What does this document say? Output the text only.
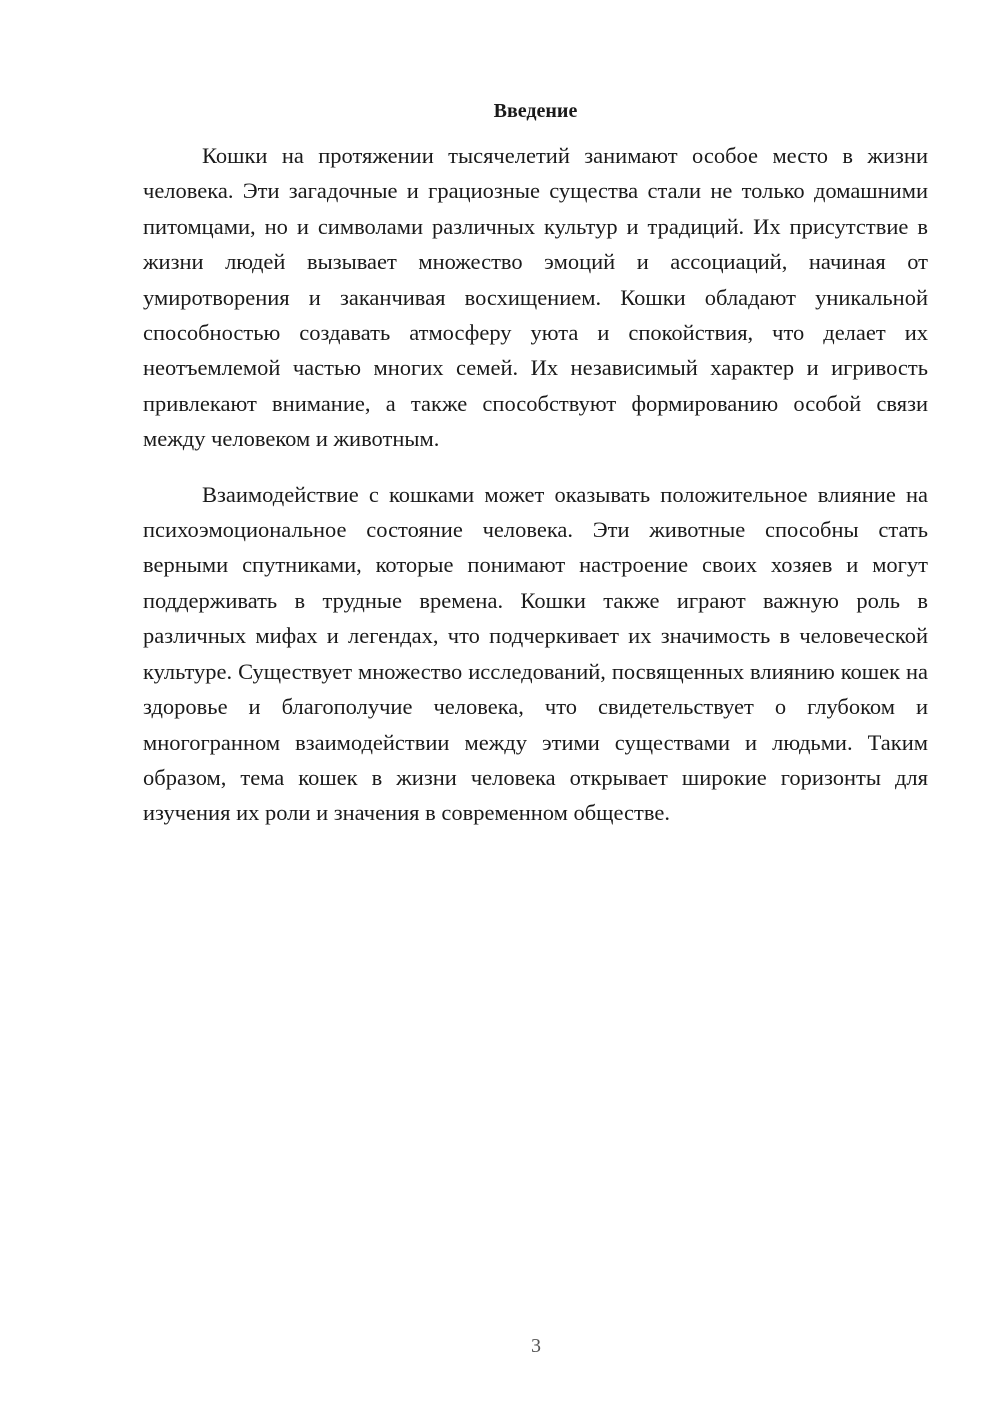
Введение

Кошки на протяжении тысячелетий занимают особое место в жизни человека. Эти загадочные и грациозные существа стали не только домашними питомцами, но и символами различных культур и традиций. Их присутствие в жизни людей вызывает множество эмоций и ассоциаций, начиная от умиротворения и заканчивая восхищением. Кошки обладают уникальной способностью создавать атмосферу уюта и спокойствия, что делает их неотъемлемой частью многих семей. Их независимый характер и игривость привлекают внимание, а также способствуют формированию особой связи между человеком и животным.

Взаимодействие с кошками может оказывать положительное влияние на психоэмоциональное состояние человека. Эти животные способны стать верными спутниками, которые понимают настроение своих хозяев и могут поддерживать в трудные времена. Кошки также играют важную роль в различных мифах и легендах, что подчеркивает их значимость в человеческой культуре. Существует множество исследований, посвященных влиянию кошек на здоровье и благополучие человека, что свидетельствует о глубоком и многогранном взаимодействии между этими существами и людьми. Таким образом, тема кошек в жизни человека открывает широкие горизонты для изучения их роли и значения в современном обществе.

3
